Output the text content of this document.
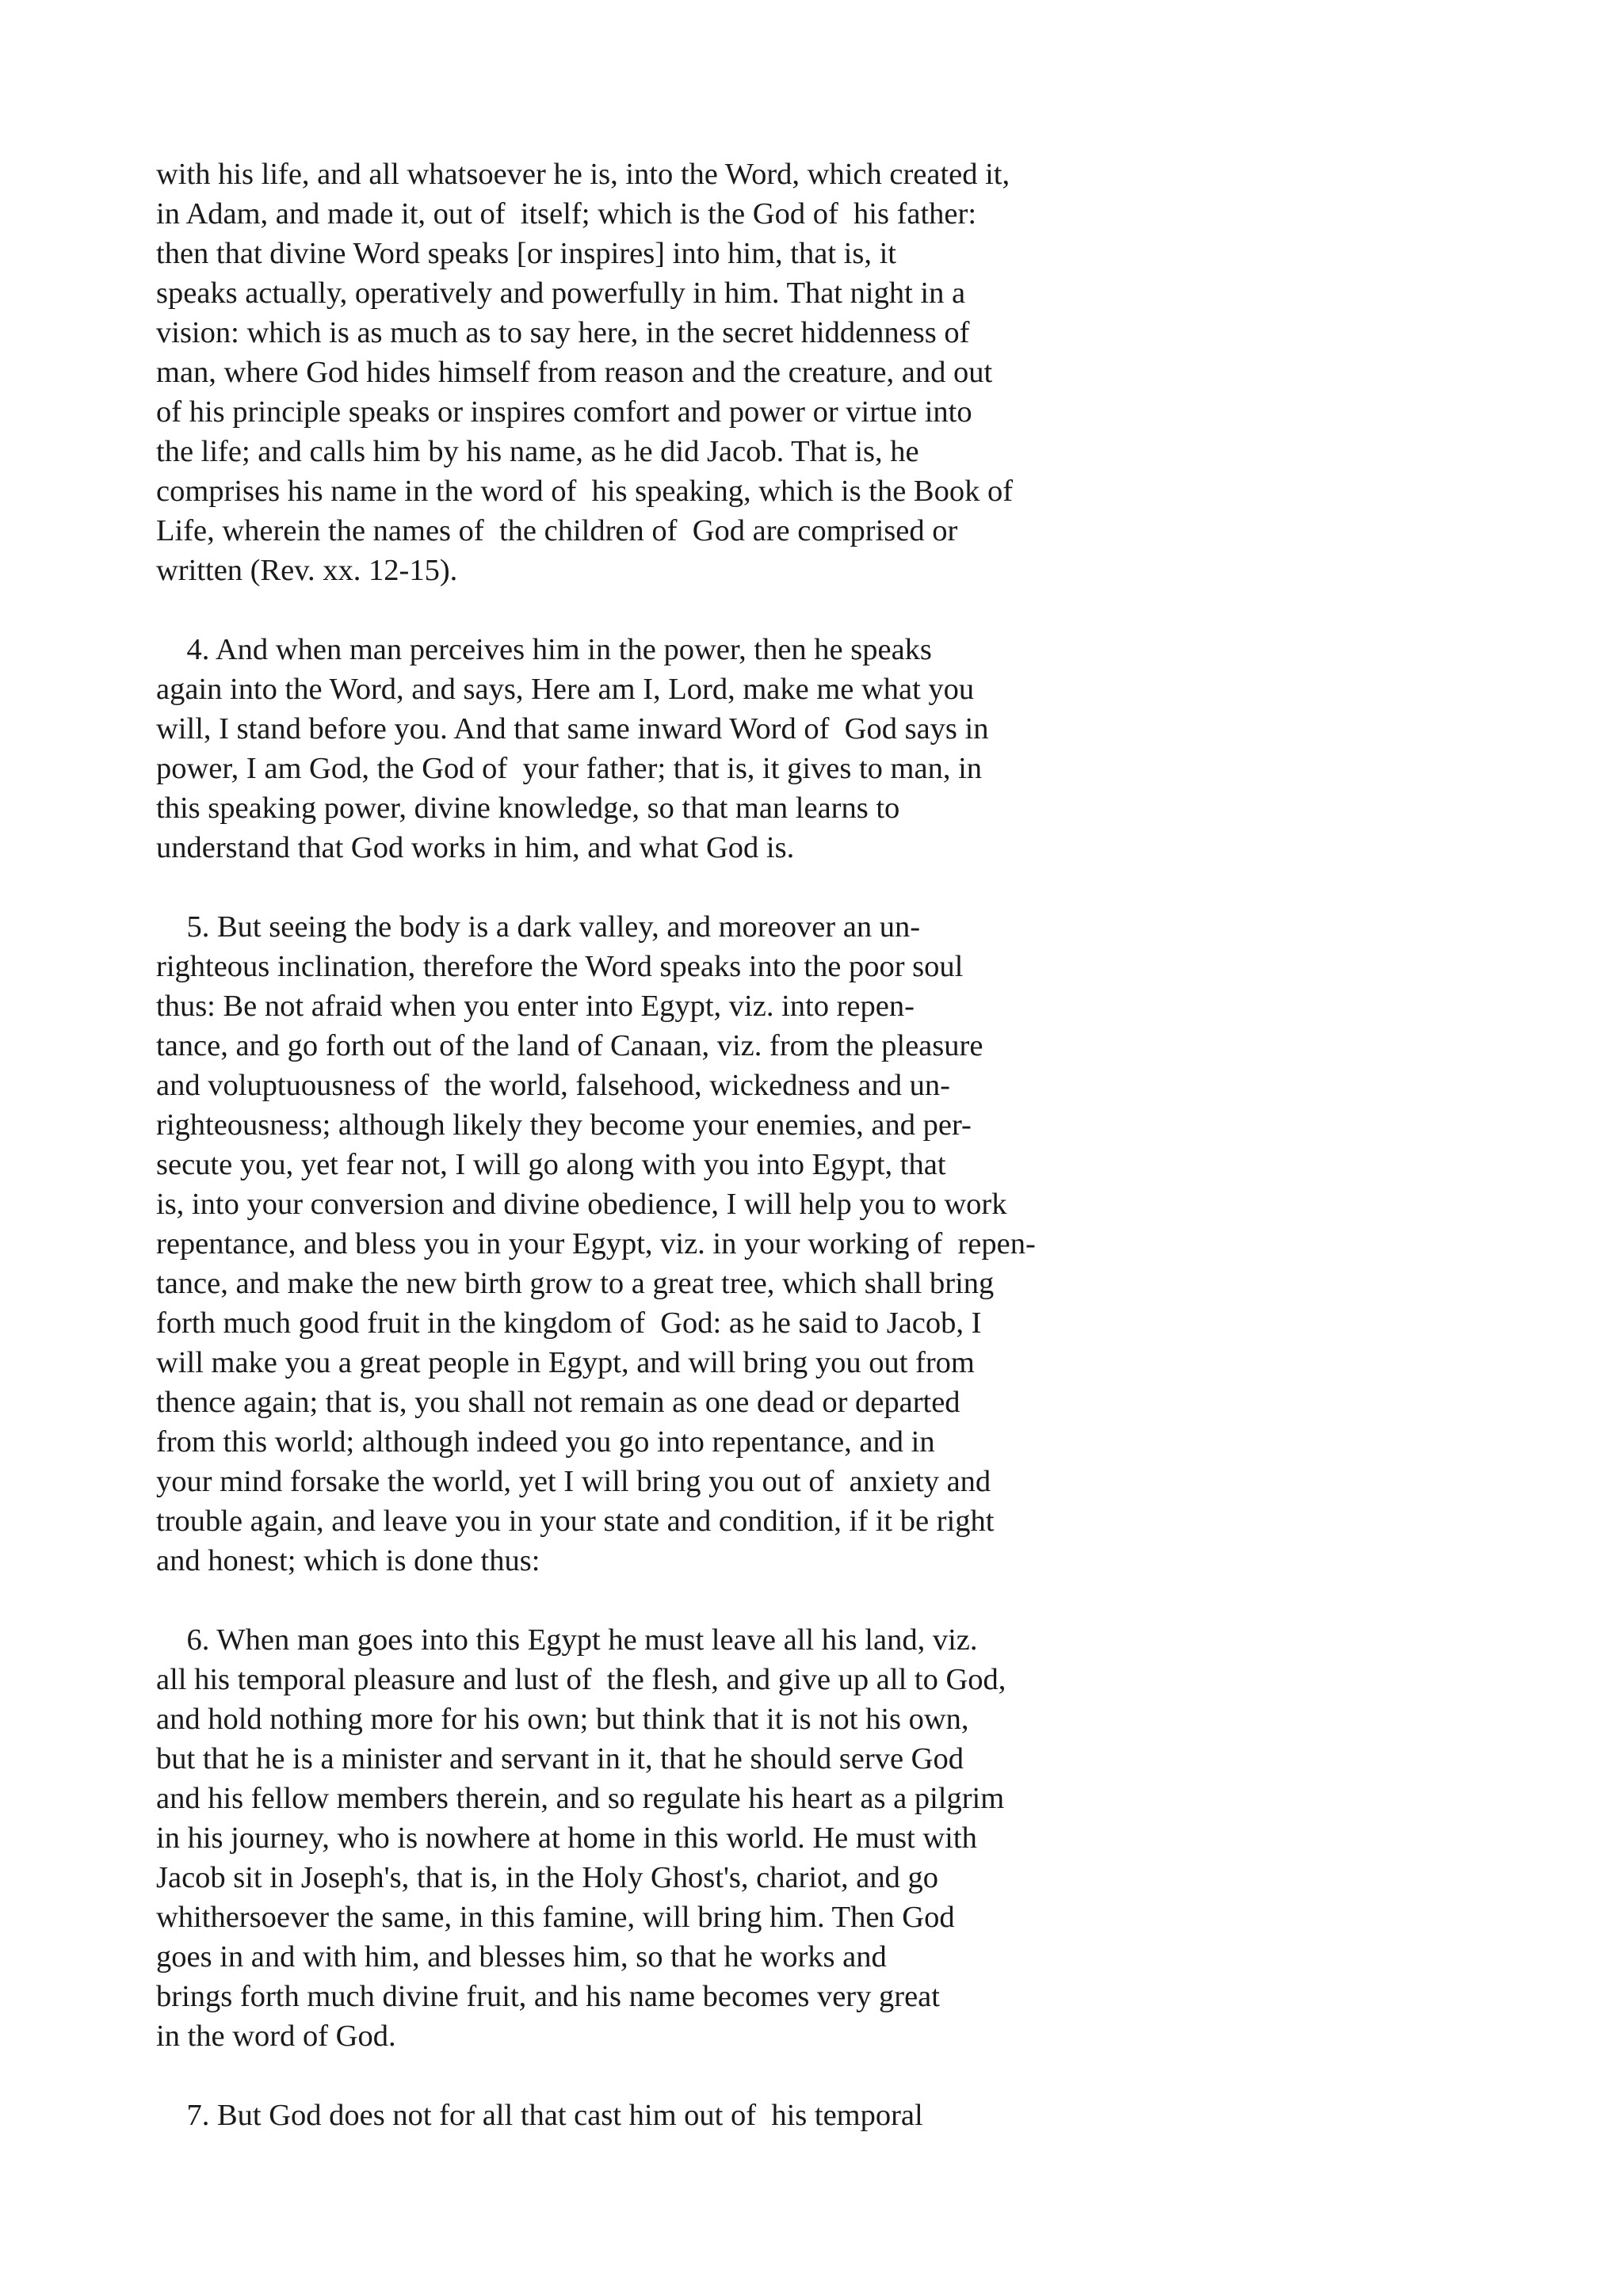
with his life, and all whatsoever he is, into the Word, which created it,
in Adam, and made it, out of  itself; which is the God of  his father:
then that divine Word speaks [or inspires] into him, that is, it
speaks actually, operatively and powerfully in him. That night in a
vision: which is as much as to say here, in the secret hiddenness of
man, where God hides himself from reason and the creature, and out
of his principle speaks or inspires comfort and power or virtue into
the life; and calls him by his name, as he did Jacob. That is, he
comprises his name in the word of  his speaking, which is the Book of
Life, wherein the names of  the children of  God are comprised or
written (Rev. xx. 12-15).
4. And when man perceives him in the power, then he speaks
again into the Word, and says, Here am I, Lord, make me what you
will, I stand before you. And that same inward Word of  God says in
power, I am God, the God of  your father; that is, it gives to man, in
this speaking power, divine knowledge, so that man learns to
understand that God works in him, and what God is.
5. But seeing the body is a dark valley, and moreover an un-
righteous inclination, therefore the Word speaks into the poor soul
thus: Be not afraid when you enter into Egypt, viz. into repen-
tance, and go forth out of the land of Canaan, viz. from the pleasure
and voluptuousness of  the world, falsehood, wickedness and un-
righteousness; although likely they become your enemies, and per-
secute you, yet fear not, I will go along with you into Egypt, that
is, into your conversion and divine obedience, I will help you to work
repentance, and bless you in your Egypt, viz. in your working of  repen-
tance, and make the new birth grow to a great tree, which shall bring
forth much good fruit in the kingdom of  God: as he said to Jacob, I
will make you a great people in Egypt, and will bring you out from
thence again; that is, you shall not remain as one dead or departed
from this world; although indeed you go into repentance, and in
your mind forsake the world, yet I will bring you out of  anxiety and
trouble again, and leave you in your state and condition, if it be right
and honest; which is done thus:
6. When man goes into this Egypt he must leave all his land, viz.
all his temporal pleasure and lust of  the flesh, and give up all to God,
and hold nothing more for his own; but think that it is not his own,
but that he is a minister and servant in it, that he should serve God
and his fellow members therein, and so regulate his heart as a pilgrim
in his journey, who is nowhere at home in this world. He must with
Jacob sit in Joseph's, that is, in the Holy Ghost's, chariot, and go
whithersoever the same, in this famine, will bring him. Then God
goes in and with him, and blesses him, so that he works and
brings forth much divine fruit, and his name becomes very great
in the word of God.
7. But God does not for all that cast him out of  his temporal
